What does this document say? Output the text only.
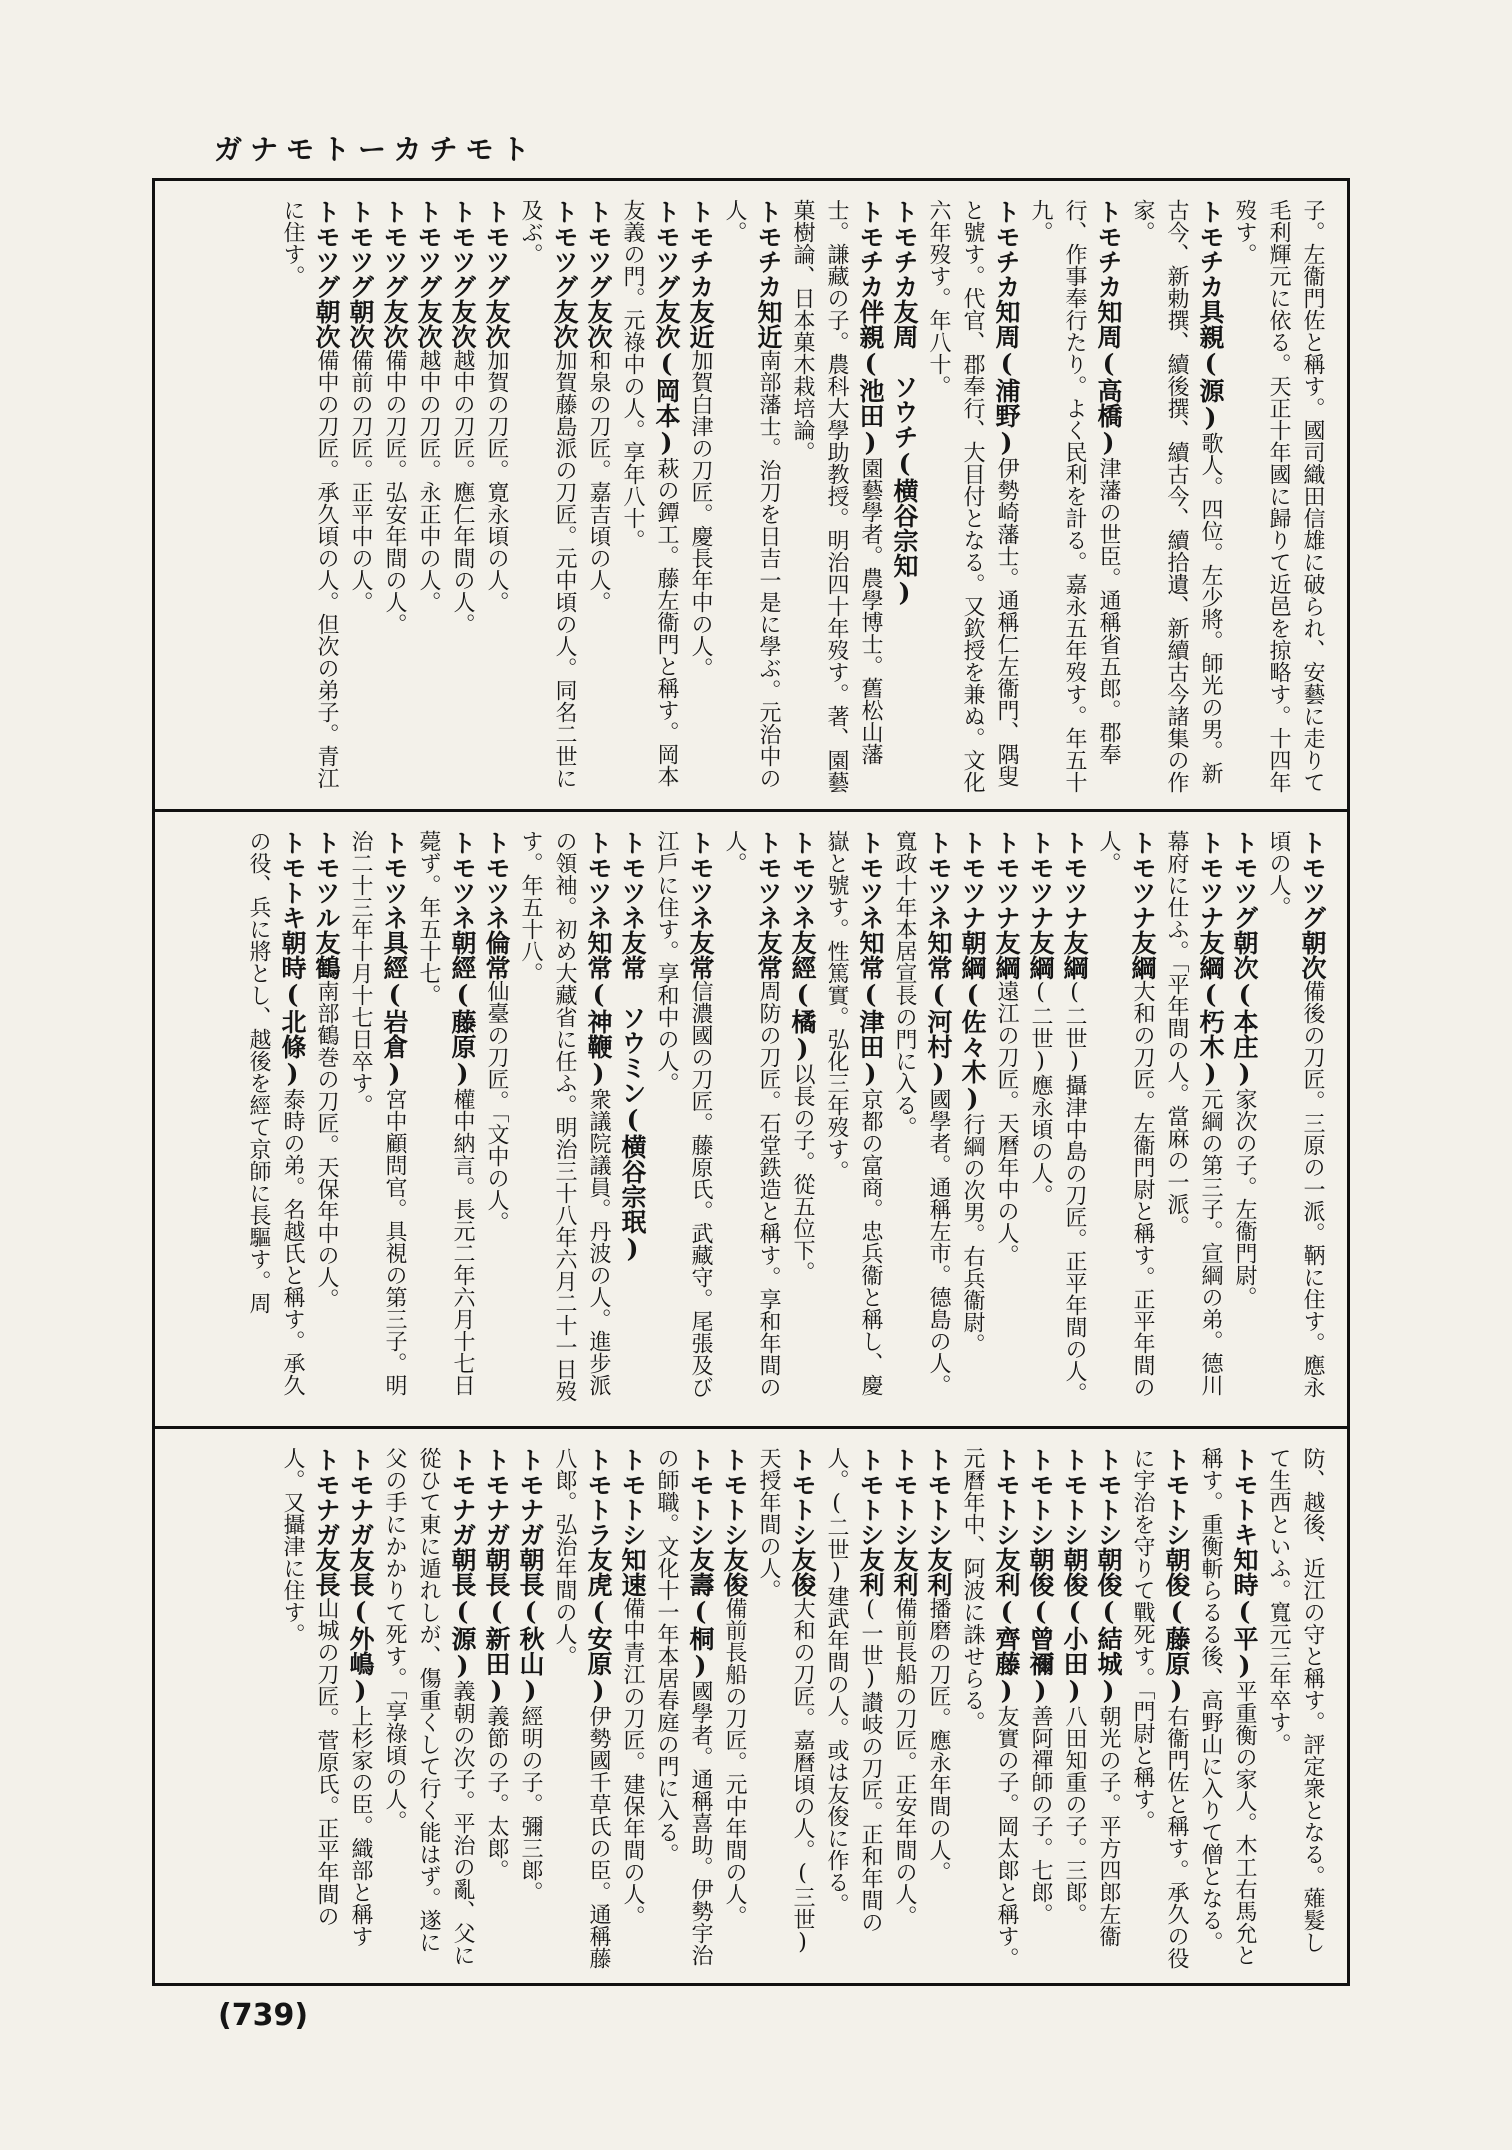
ガナモトーカチモト

子。左衞門佐と稱す。國司織田信雄に破られ、安藝に走りて毛利輝元に依る。天正十年國に歸りて近邑を掠略す。十四年歿す。

トモチカ具親(源)歌人。四位。左少將。師光の男。新古今、新勅撰、續後撰、續古今、續拾遺、新續古今諸集の作家。

トモチカ知周(高橋)津藩の世臣。通稱省五郎。郡奉行、作事奉行たり。よく民利を計る。嘉永五年歿す。年五十九。

トモチカ知周(浦野)伊勢崎藩士。通稱仁左衞門、隅叟と號す。代官、郡奉行、大目付となる。又欽授を兼ぬ。文化六年歿す。年八十。

トモチカ友周　ソウチ(横谷宗知)

トモチカ伴親(池田)園藝學者。農學博士。舊松山藩士。謙藏の子。農科大學助教授。明治四十年歿す。著、園藝菓樹論、日本菓木栽培論。

トモチカ知近南部藩士。治刀を日吉一是に學ぶ。元治中の人。

トモチカ友近加賀白津の刀匠。慶長年中の人。

トモツグ友次(岡本)萩の鐔工。藤左衞門と稱す。岡本友義の門。元祿中の人。享年八十。

トモツグ友次和泉の刀匠。嘉吉頃の人。

トモツグ友次加賀藤島派の刀匠。元中頃の人。同名二世に及ぶ。

トモツグ友次加賀の刀匠。寛永頃の人。

トモツグ友次越中の刀匠。應仁年間の人。

トモツグ友次越中の刀匠。永正中の人。

トモツグ友次備中の刀匠。弘安年間の人。

トモツグ朝次備前の刀匠。正平中の人。

トモツグ朝次備中の刀匠。承久頃の人。但次の弟子。青江に住す。

トモツグ朝次備後の刀匠。三原の一派。鞆に住す。應永頃の人。

トモツグ朝次(本庄)家次の子。左衞門尉。

トモツナ友綱(朽木)元綱の第三子。宣綱の弟。德川幕府に仕ふ。「平年間の人。當麻の一派。

トモツナ友綱大和の刀匠。左衞門尉と稱す。正平年間の人。

トモツナ友綱(二世)攝津中島の刀匠。正平年間の人。

トモツナ友綱(二世)應永頃の人。

トモツナ友綱遠江の刀匠。天曆年中の人。

トモツナ朝綱(佐々木)行綱の次男。右兵衞尉。

トモツネ知常(河村)國學者。通稱左市。德島の人。寬政十年本居宣長の門に入る。

トモツネ知常(津田)京都の富商。忠兵衞と稱し、慶嶽と號す。性篤實。弘化三年歿す。

トモツネ友經(橘)以長の子。從五位下。

トモツネ友常周防の刀匠。石堂鉄造と稱す。享和年間の人。

トモツネ友常信濃國の刀匠。藤原氏。武藏守。尾張及び江戶に住す。享和中の人。

トモツネ友常　ソウミン(横谷宗珉)

トモツネ知常(神鞭)衆議院議員。丹波の人。進步派の領袖。初め大藏省に任ふ。明治三十八年六月二十一日歿す。年五十八。

トモツネ倫常仙臺の刀匠。「文中の人。

トモツネ朝經(藤原)權中納言。長元二年六月十七日薨ず。年五十七。

トモツネ具經(岩倉)宮中顧問官。具視の第三子。明治二十三年十月十七日卒す。

トモツル友鶴南部鶴巻の刀匠。天保年中の人。

トモトキ朝時(北條)泰時の弟。名越氏と稱す。承久の役、兵に將とし、越後を經て京師に長驅す。周

防、越後、近江の守と稱す。評定衆となる。薙髮して生西といふ。寬元三年卒す。

トモトキ知時(平)平重衡の家人。木工右馬允と稱す。重衡斬らるる後、高野山に入りて僧となる。

トモトシ朝俊(藤原)右衞門佐と稱す。承久の役に宇治を守りて戰死す。「門尉と稱す。

トモトシ朝俊(結城)朝光の子。平方四郎左衞

トモトシ朝俊(小田)八田知重の子。三郞。

トモトシ朝俊(曾禰)善阿禪師の子。七郎。

トモトシ友利(齊藤)友實の子。岡太郞と稱す。元曆年中、阿波に誅せらる。

トモトシ友利播磨の刀匠。應永年間の人。

トモトシ友利備前長船の刀匠。正安年間の人。

トモトシ友利(一世)讃岐の刀匠。正和年間の人。(二世)建武年間の人。或は友俊に作る。

トモトシ友俊大和の刀匠。嘉曆頃の人。(三世)天授年間の人。

トモトシ友俊備前長船の刀匠。元中年間の人。

トモトシ友壽(桐)國學者。通稱喜助。伊勢宇治の師職。文化十一年本居春庭の門に入る。

トモトシ知速備中青江の刀匠。建保年間の人。

トモトラ友虎(安原)伊勢國千草氏の臣。通稱藤八郞。弘治年間の人。

トモナガ朝長(秋山)經明の子。彌三郞。

トモナガ朝長(新田)義節の子。太郞。

トモナガ朝長(源)義朝の次子。平治の亂、父に從ひて東に遁れしが、傷重くして行く能はず。遂に父の手にかかりて死す。「享祿頃の人。

トモナガ友長(外嶋)上杉家の臣。織部と稱す

トモナガ友長山城の刀匠。菅原氏。正平年間の人。又攝津に住す。

(739)
